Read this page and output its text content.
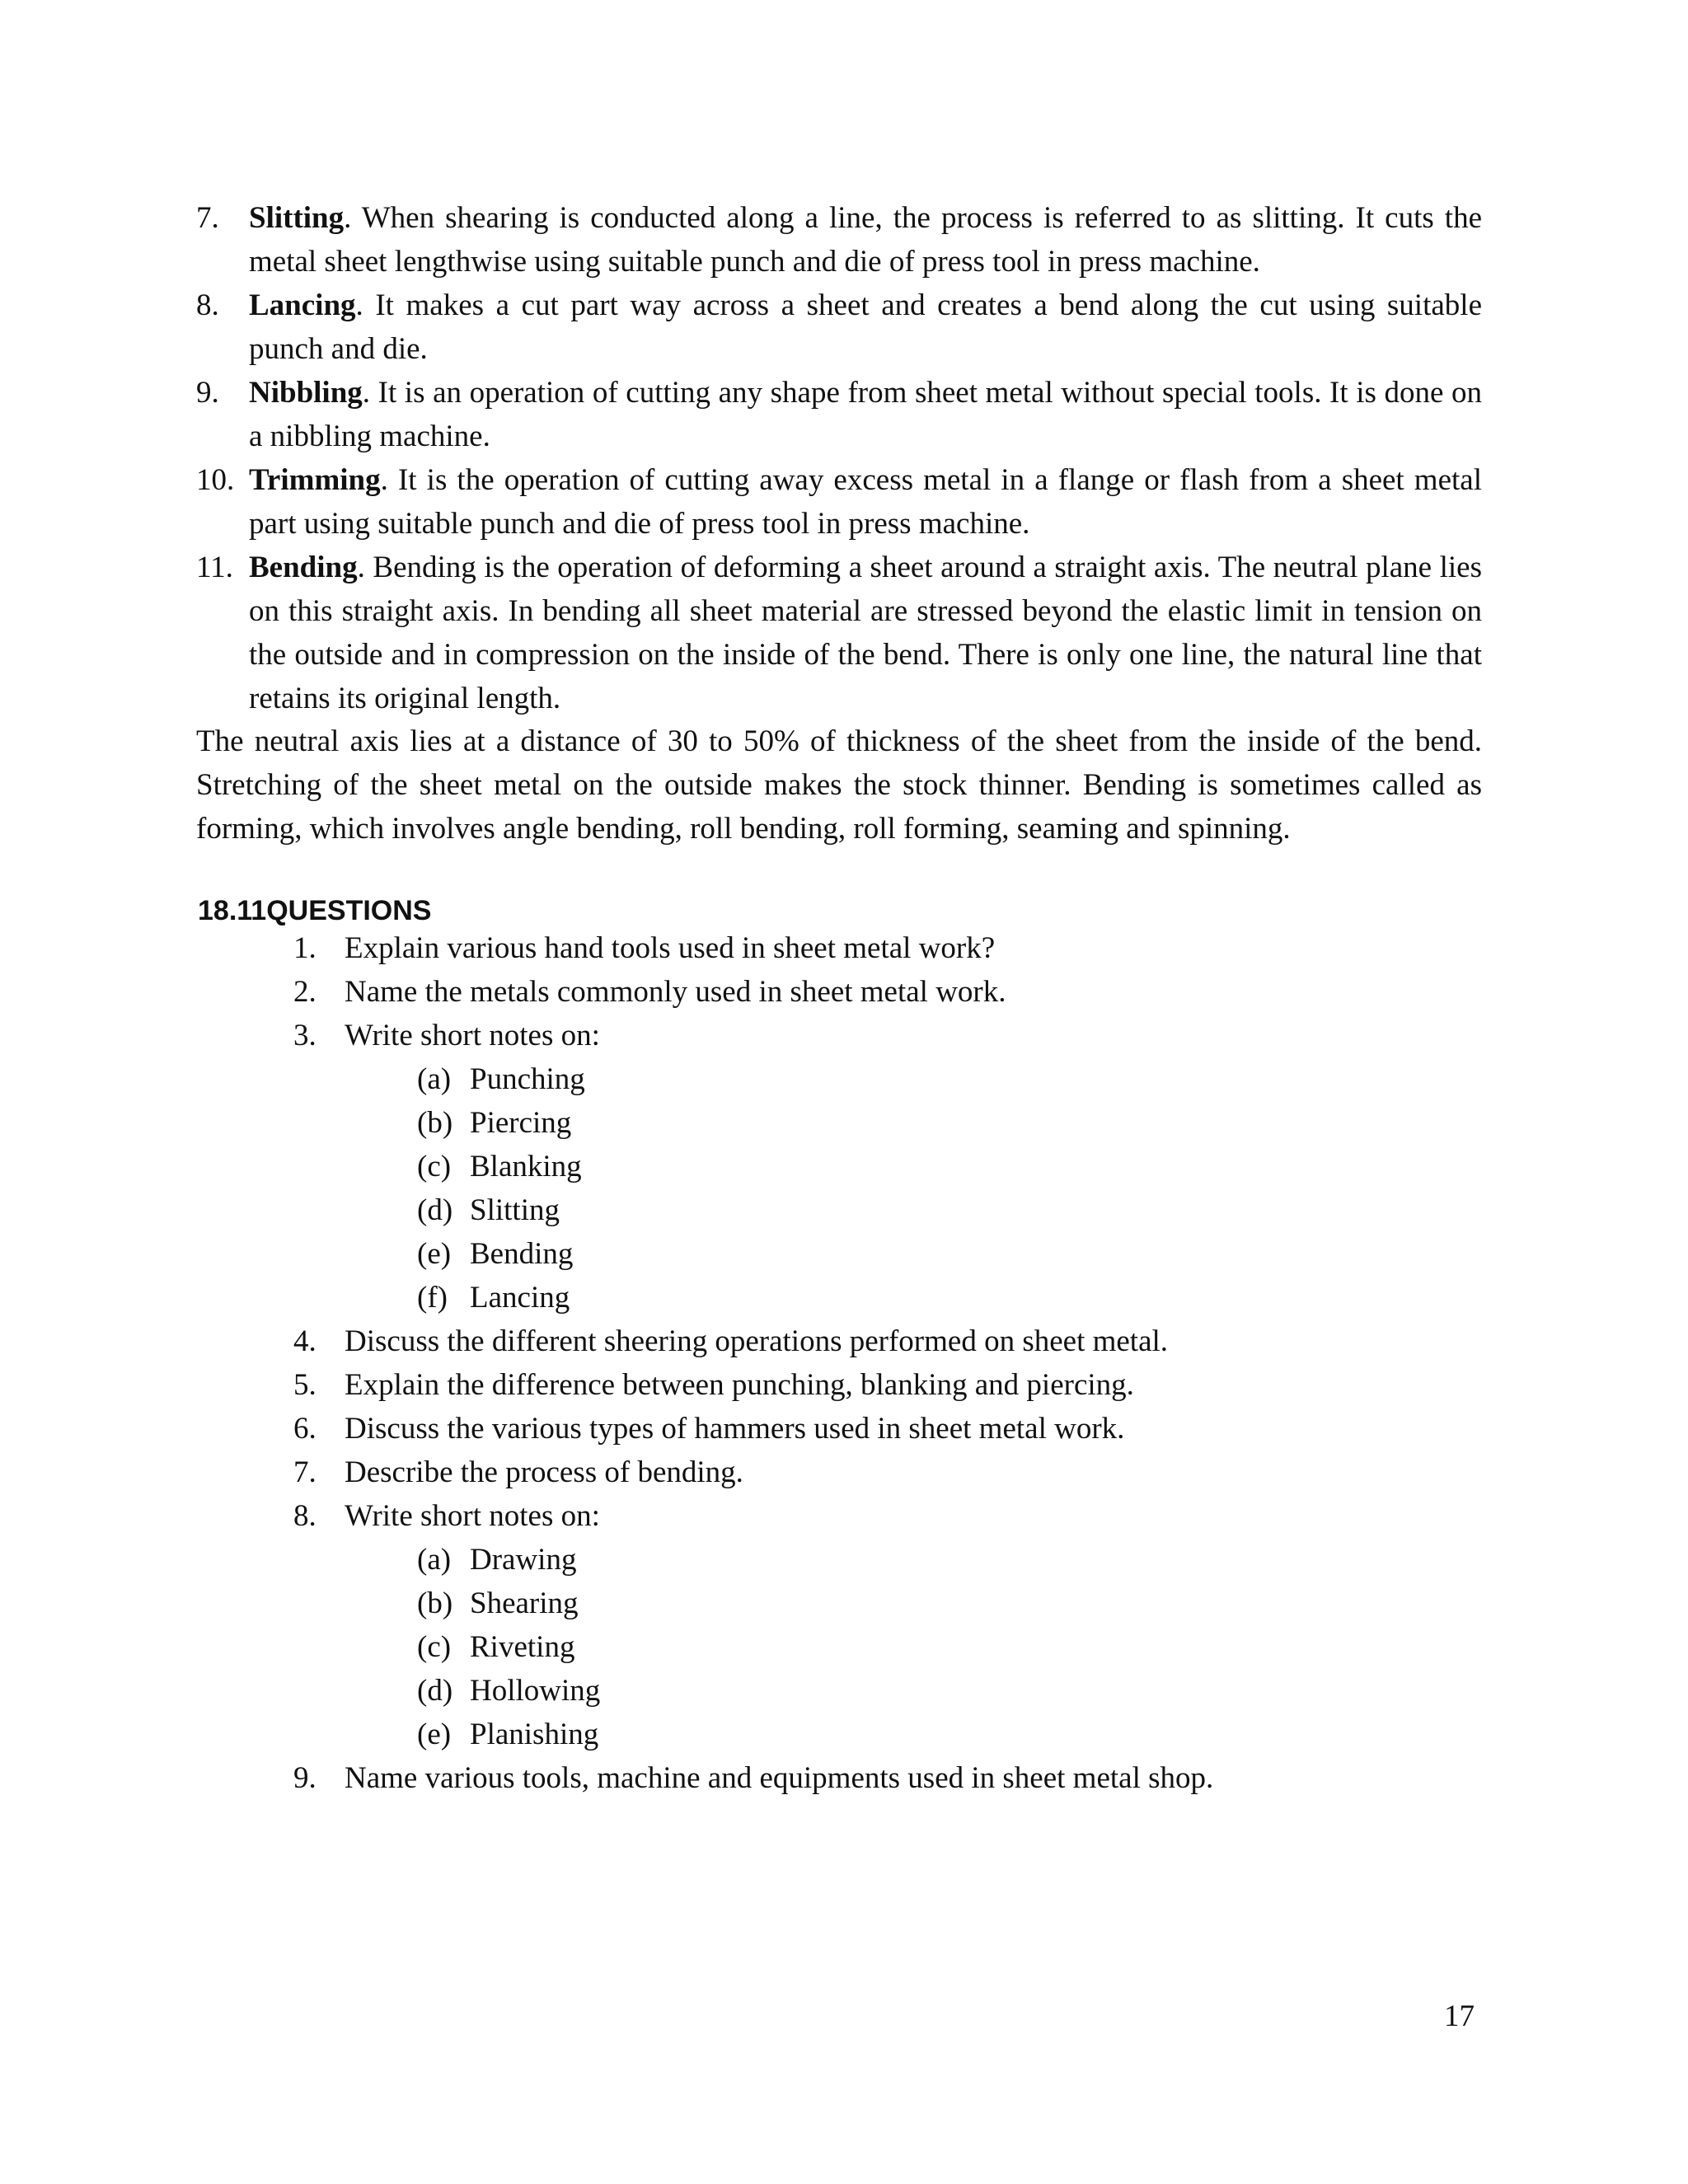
7. Slitting. When shearing is conducted along a line, the process is referred to as slitting. It cuts the metal sheet lengthwise using suitable punch and die of press tool in press machine.

8. Lancing. It makes a cut part way across a sheet and creates a bend along the cut using suitable punch and die.

9. Nibbling. It is an operation of cutting any shape from sheet metal without special tools. It is done on a nibbling machine.

10. Trimming. It is the operation of cutting away excess metal in a flange or flash from a sheet metal part using suitable punch and die of press tool in press machine.

11. Bending. Bending is the operation of deforming a sheet around a straight axis. The neutral plane lies on this straight axis. In bending all sheet material are stressed beyond the elastic limit in tension on the outside and in compression on the inside of the bend. There is only one line, the natural line that retains its original length.

The neutral axis lies at a distance of 30 to 50% of thickness of the sheet from the inside of the bend. Stretching of the sheet metal on the outside makes the stock thinner. Bending is sometimes called as forming, which involves angle bending, roll bending, roll forming, seaming and spinning.

18.11QUESTIONS
1. Explain various hand tools used in sheet metal work?
2. Name the metals commonly used in sheet metal work.
3. Write short notes on:
(a) Punching
(b) Piercing
(c) Blanking
(d) Slitting
(e) Bending
(f) Lancing
4. Discuss the different sheering operations performed on sheet metal.
5. Explain the difference between punching, blanking and piercing.
6. Discuss the various types of hammers used in sheet metal work.
7. Describe the process of bending.
8. Write short notes on:
(a) Drawing
(b) Shearing
(c) Riveting
(d) Hollowing
(e) Planishing
9. Name various tools, machine and equipments used in sheet metal shop.
17
